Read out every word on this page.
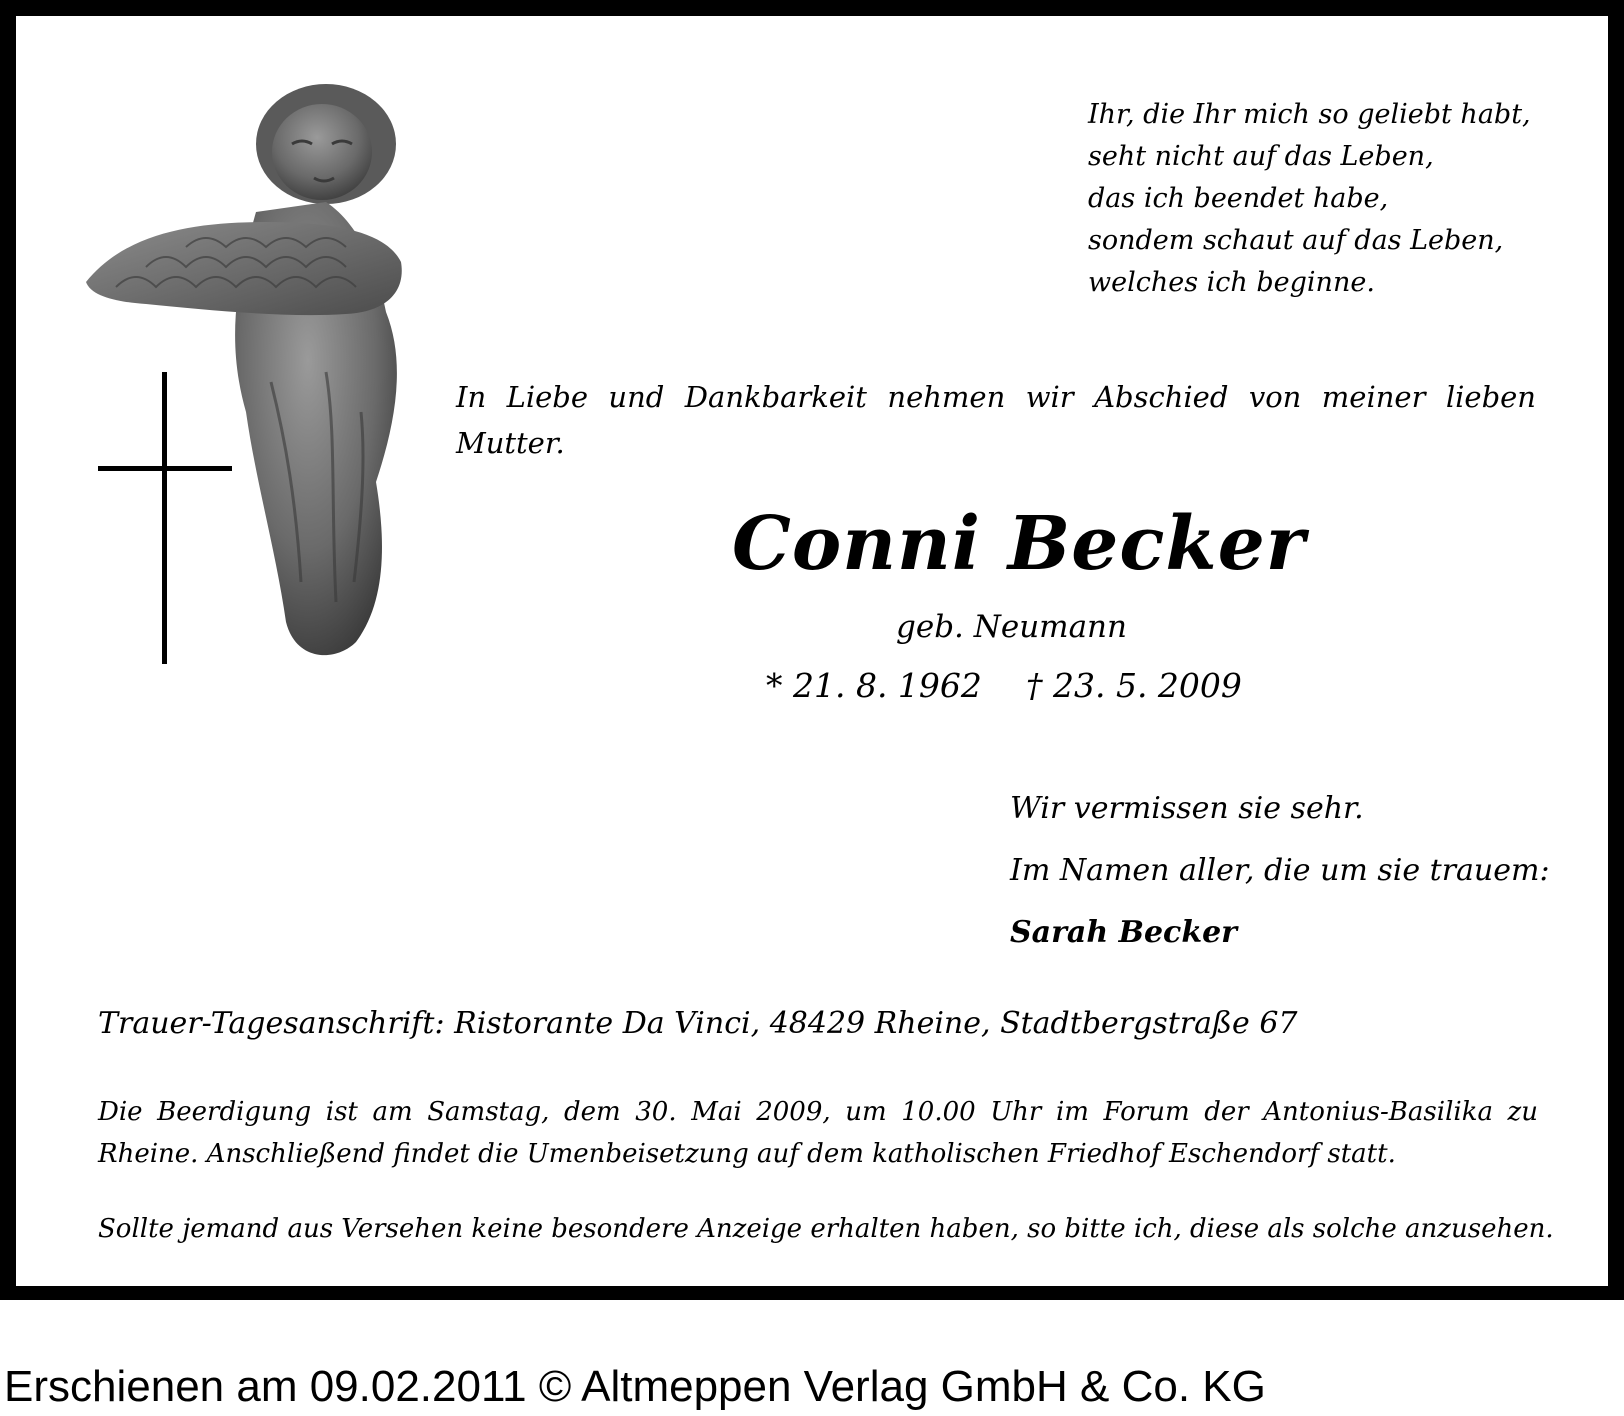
Ihr, die Ihr mich so geliebt habt,
seht nicht auf das Leben,
das ich beendet habe,
sondem schaut auf das Leben,
welches ich beginne.
In Liebe und Dankbarkeit nehmen wir Abschied von meiner lieben Mutter.
Conni Becker
geb. Neumann
* 21. 8. 1962 † 23. 5. 2009
Wir vermissen sie sehr.
Im Namen aller, die um sie trauem:
Sarah Becker
Trauer-Tagesanschrift: Ristorante Da Vinci, 48429 Rheine, Stadtbergstraße 67
Die Beerdigung ist am Samstag, dem 30. Mai 2009, um 10.00 Uhr im Forum der Antonius-Basilika zu Rheine. Anschließend findet die Umenbeisetzung auf dem katholischen Friedhof Eschendorf statt.
Sollte jemand aus Versehen keine besondere Anzeige erhalten haben, so bitte ich, diese als solche anzusehen.
Erschienen am 09.02.2011 © Altmeppen Verlag GmbH & Co. KG
